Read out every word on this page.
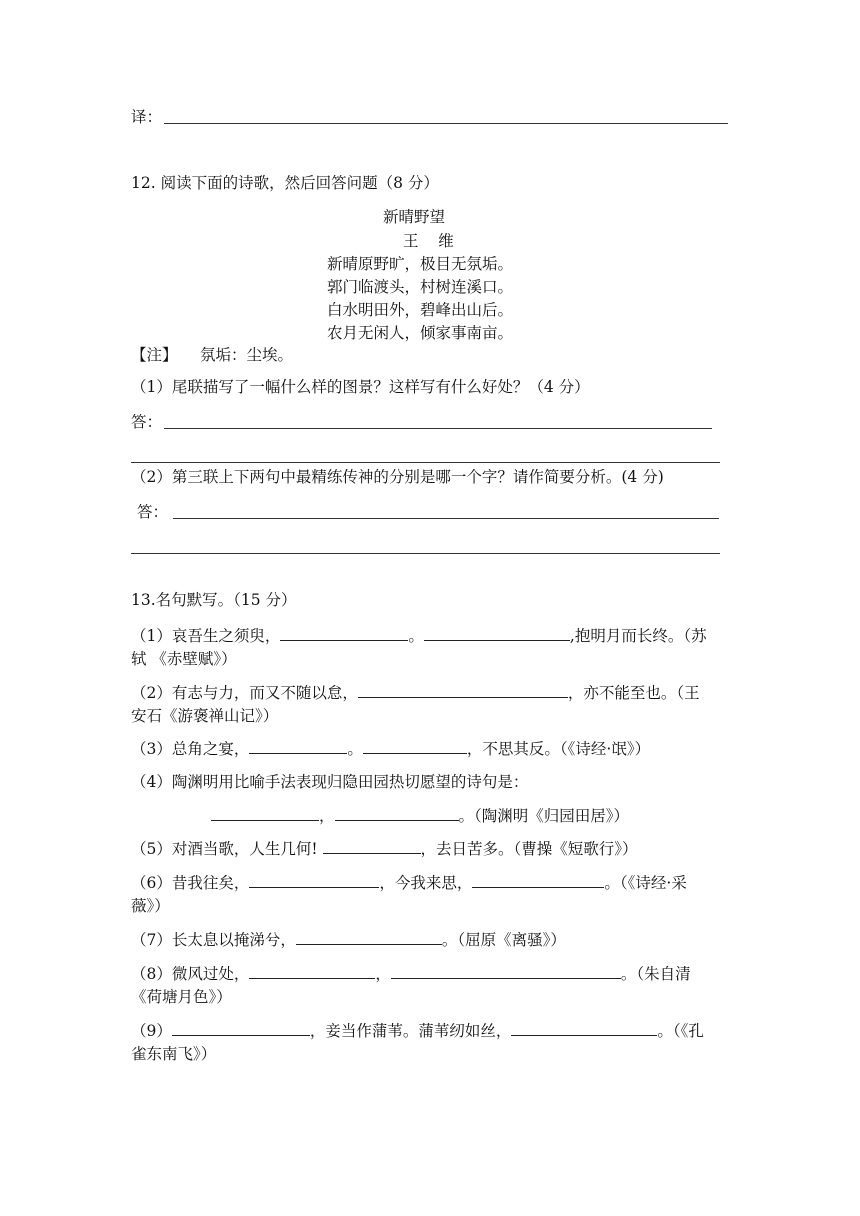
译：
12. 阅读下面的诗歌，然后回答问题（8 分）
新晴野望
王    维
新晴原野旷，极目无氛垢。
郭门临渡头，村树连溪口。
白水明田外，碧峰出山后。
农月无闲人，倾家事南亩。
【注】 氛垢：尘埃。
（1）尾联描写了一幅什么样的图景？这样写有什么好处？（4 分）
答：
（2）第三联上下两句中最精练传神的分别是哪一个字？请作简要分析。(4 分)
答：
13.名句默写。（15 分）
（1）哀吾生之须臾，	。	,抱明月而长终。（苏
轼 《赤壁赋》）
（2）有志与力，而又不随以怠，	，亦不能至也。（王
安石《游褒禅山记》）
（3）总角之宴，	。	，不思其反。（《诗经·氓》）
（4）陶渊明用比喻手法表现归隐田园热切愿望的诗句是：
，	。（陶渊明《归园田居》）
（5）对酒当歌，人生几何!	，去日苦多。（曹操《短歌行》）
（6）昔我往矣，	，今我来思，	。（《诗经·采
薇》）
（7）长太息以掩涕兮，	。（屈原《离骚》）
（8）微风过处，	，	。（朱自清
《荷塘月色》）
（9）	，妾当作蒲苇。蒲苇纫如丝，	。（《孔
雀东南飞》）
